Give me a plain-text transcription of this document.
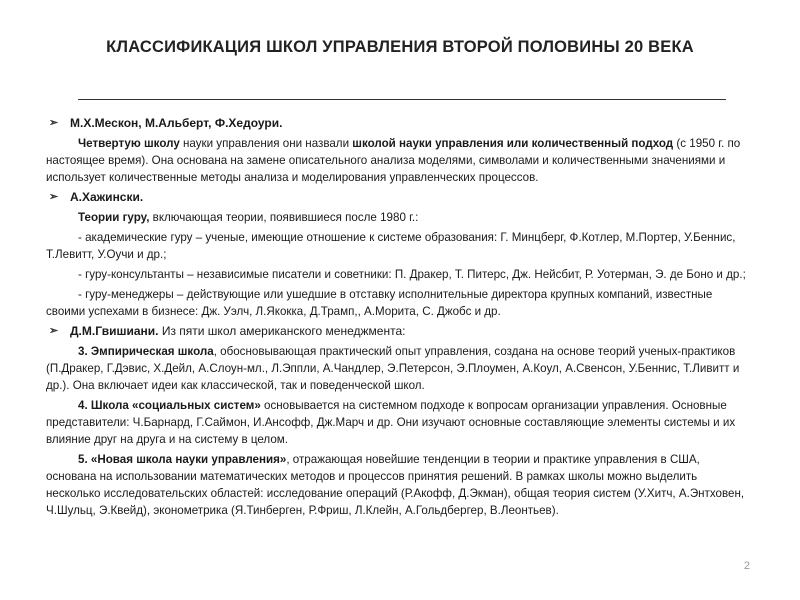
КЛАССИФИКАЦИЯ ШКОЛ УПРАВЛЕНИЯ ВТОРОЙ ПОЛОВИНЫ 20 ВЕКА
➢ М.Х.Мескон, М.Альберт, Ф.Хедоури.
Четвертую школу науки управления они назвали школой науки управления или количественный подход (с 1950 г. по настоящее время). Она основана на замене описательного анализа моделями, символами и количественными значениями и использует количественные методы анализа и моделирования управленческих процессов.
➢ А.Хажински.
Теории гуру, включающая теории, появившиеся после 1980 г.:
- академические гуру – ученые, имеющие отношение к системе образования: Г. Минцберг, Ф.Котлер, М.Портер, У.Беннис, Т.Левитт, У.Оучи и др.;
- гуру-консультанты – независимые писатели и советники: П. Дракер, Т. Питерс, Дж. Нейсбит, Р. Уотерман, Э. де Боно и др.;
- гуру-менеджеры – действующие или ушедшие в отставку исполнительные директора крупных компаний, известные своими успехами в бизнесе: Дж. Уэлч, Л.Якокка, Д.Трамп,, А.Морита, С. Джобс и др.
➢ Д.М.Гвишиани. Из пяти школ американского менеджмента:
3. Эмпирическая школа, обосновывающая практический опыт управления, создана на основе теорий ученых-практиков (П.Дракер, Г.Дэвис, Х.Дейл, А.Слоун-мл., Л.Эппли, А.Чандлер, Э.Петерсон, Э.Плоумен, А.Коул, А.Свенсон, У.Беннис, Т.Ливитт и др.). Она включает идеи как классической, так и поведенческой школ.
4. Школа «социальных систем» основывается на системном подходе к вопросам организации управления. Основные представители: Ч.Барнард, Г.Саймон, И.Ансофф, Дж.Марч и др. Они изучают основные составляющие элементы системы и их влияние друг на друга и на систему в целом.
5. «Новая школа науки управления», отражающая новейшие тенденции в теории и практике управления в США, основана на использовании математических методов и процессов принятия решений. В рамках школы можно выделить несколько исследовательских областей: исследование операций (Р.Акофф, Д.Экман), общая теория систем (У.Хитч, А.Энтховен, Ч.Шульц, Э.Квейд), эконометрика (Я.Тинберген, Р.Фриш, Л.Клейн, А.Гольдбергер, В.Леонтьев).
2
